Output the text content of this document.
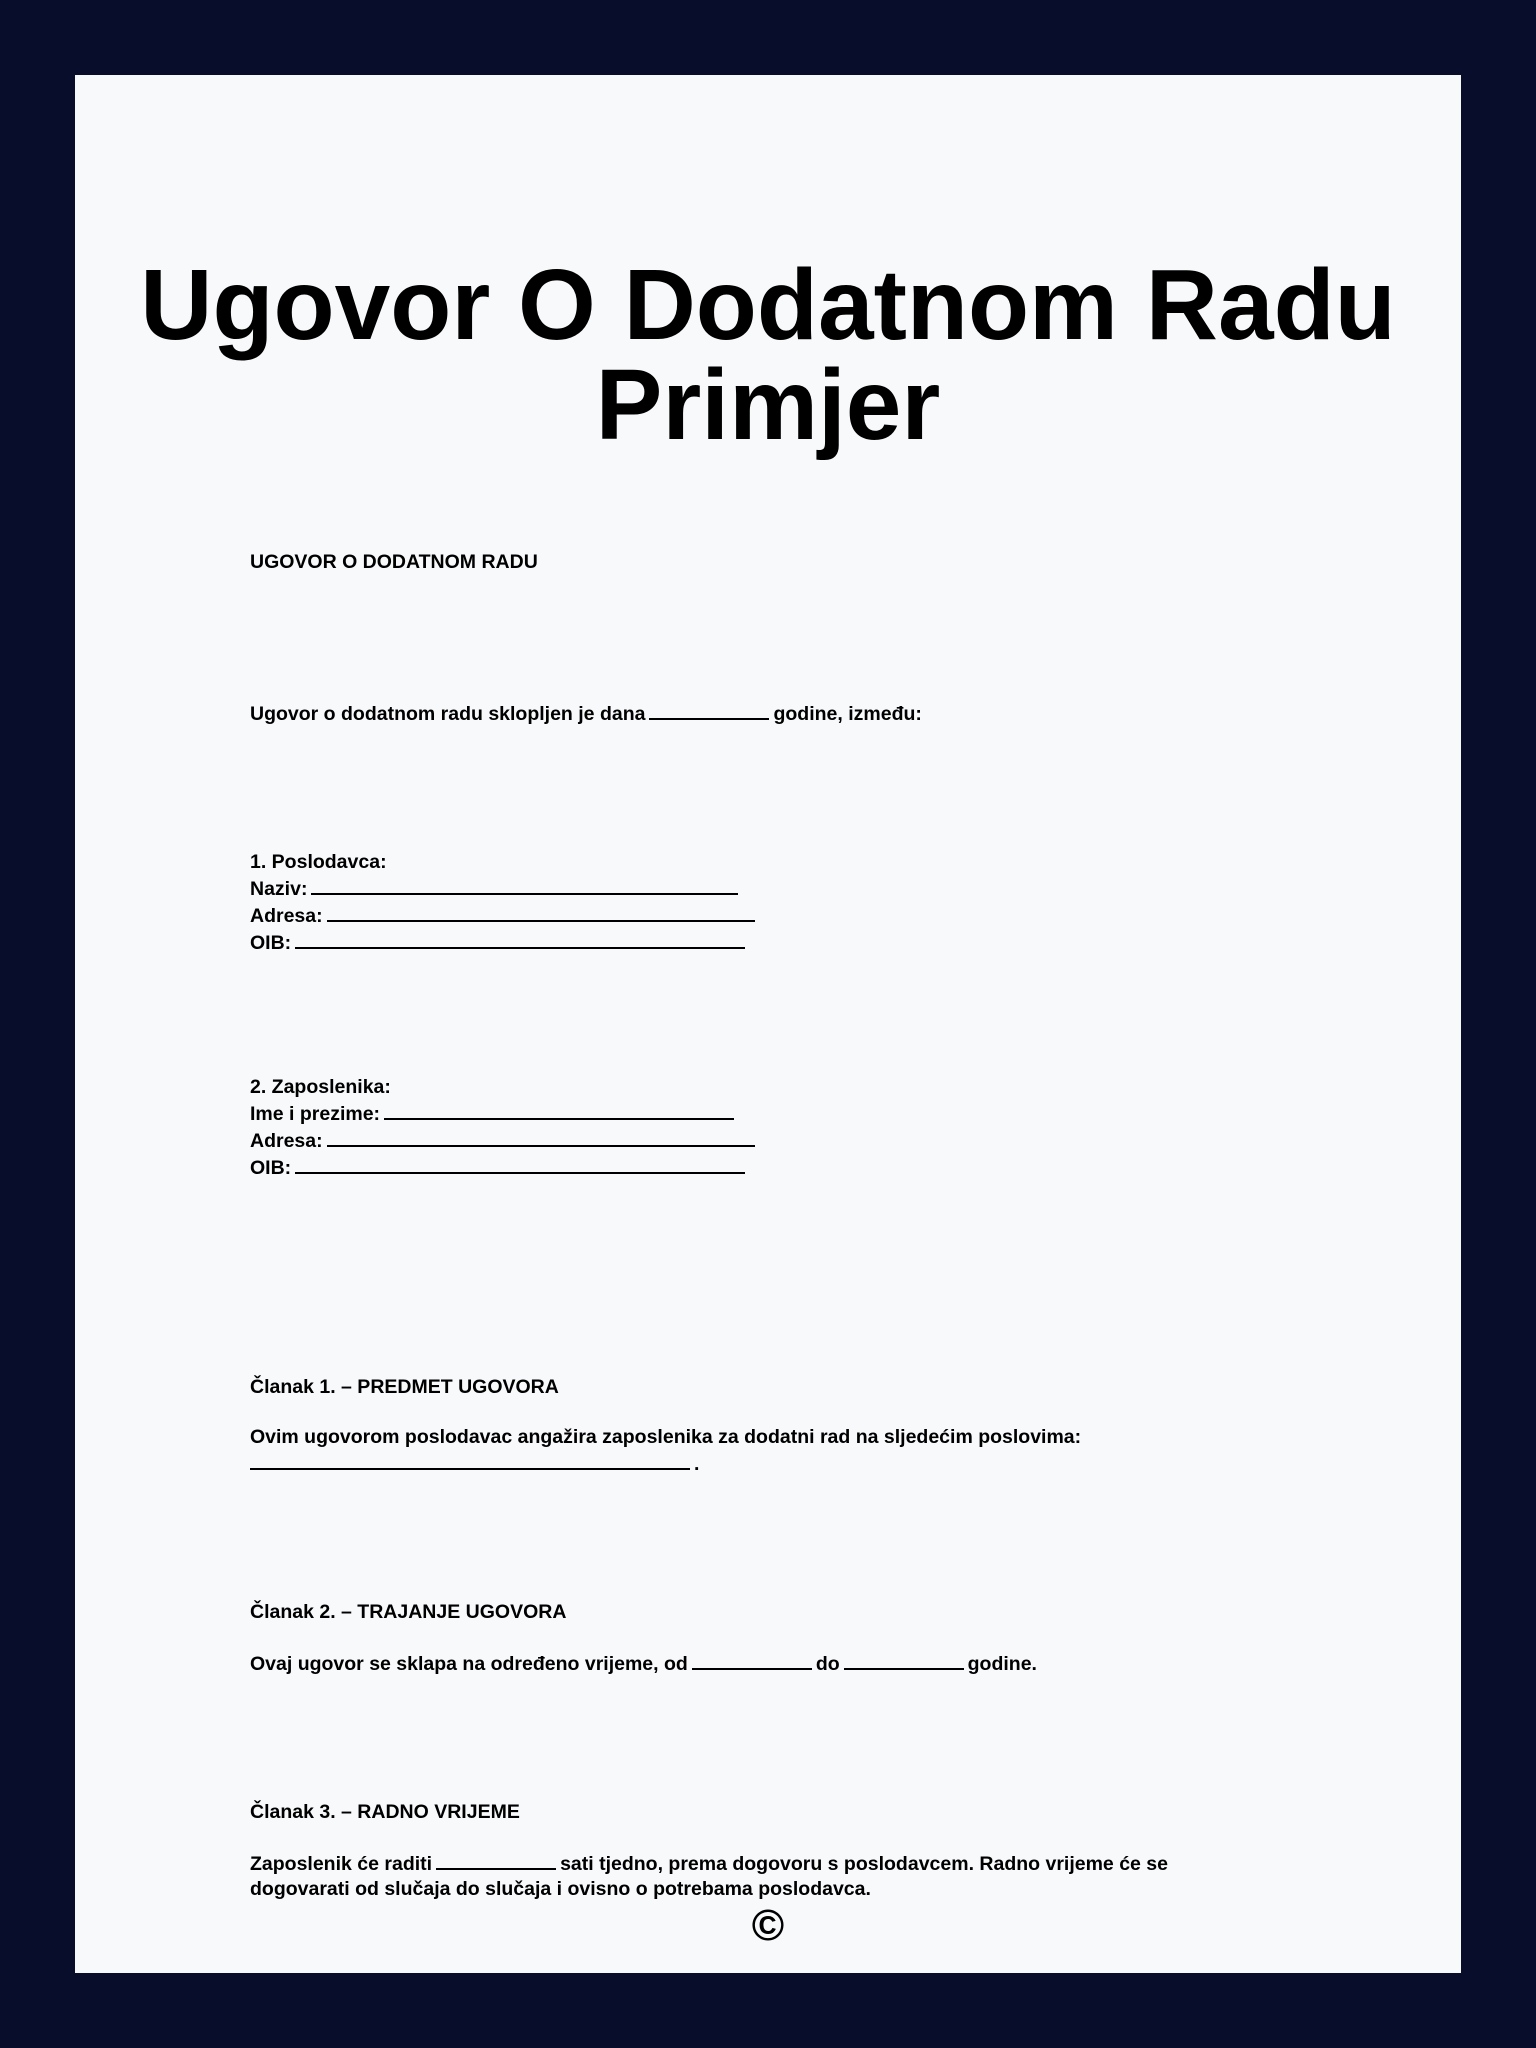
Ugovor O Dodatnom Radu Primjer
UGOVOR O DODATNOM RADU
Ugovor o dodatnom radu sklopljen je dana	godine, između:
1. Poslodavca:
Naziv:
Adresa:
OIB:
2. Zaposlenika:
Ime i prezime:
Adresa:
OIB:
Članak 1. – PREDMET UGOVORA
Ovim ugovorom poslodavac angažira zaposlenika za dodatni rad na sljedećim poslovima:
.
Članak 2. – TRAJANJE UGOVORA
Ovaj ugovor se sklapa na određeno vrijeme, od	do	godine.
Članak 3. – RADNO VRIJEME
Zaposlenik će raditi	sati tjedno, prema dogovoru s poslodavcem. Radno vrijeme će se
dogovarati od slučaja do slučaja i ovisno o potrebama poslodavca.
©
